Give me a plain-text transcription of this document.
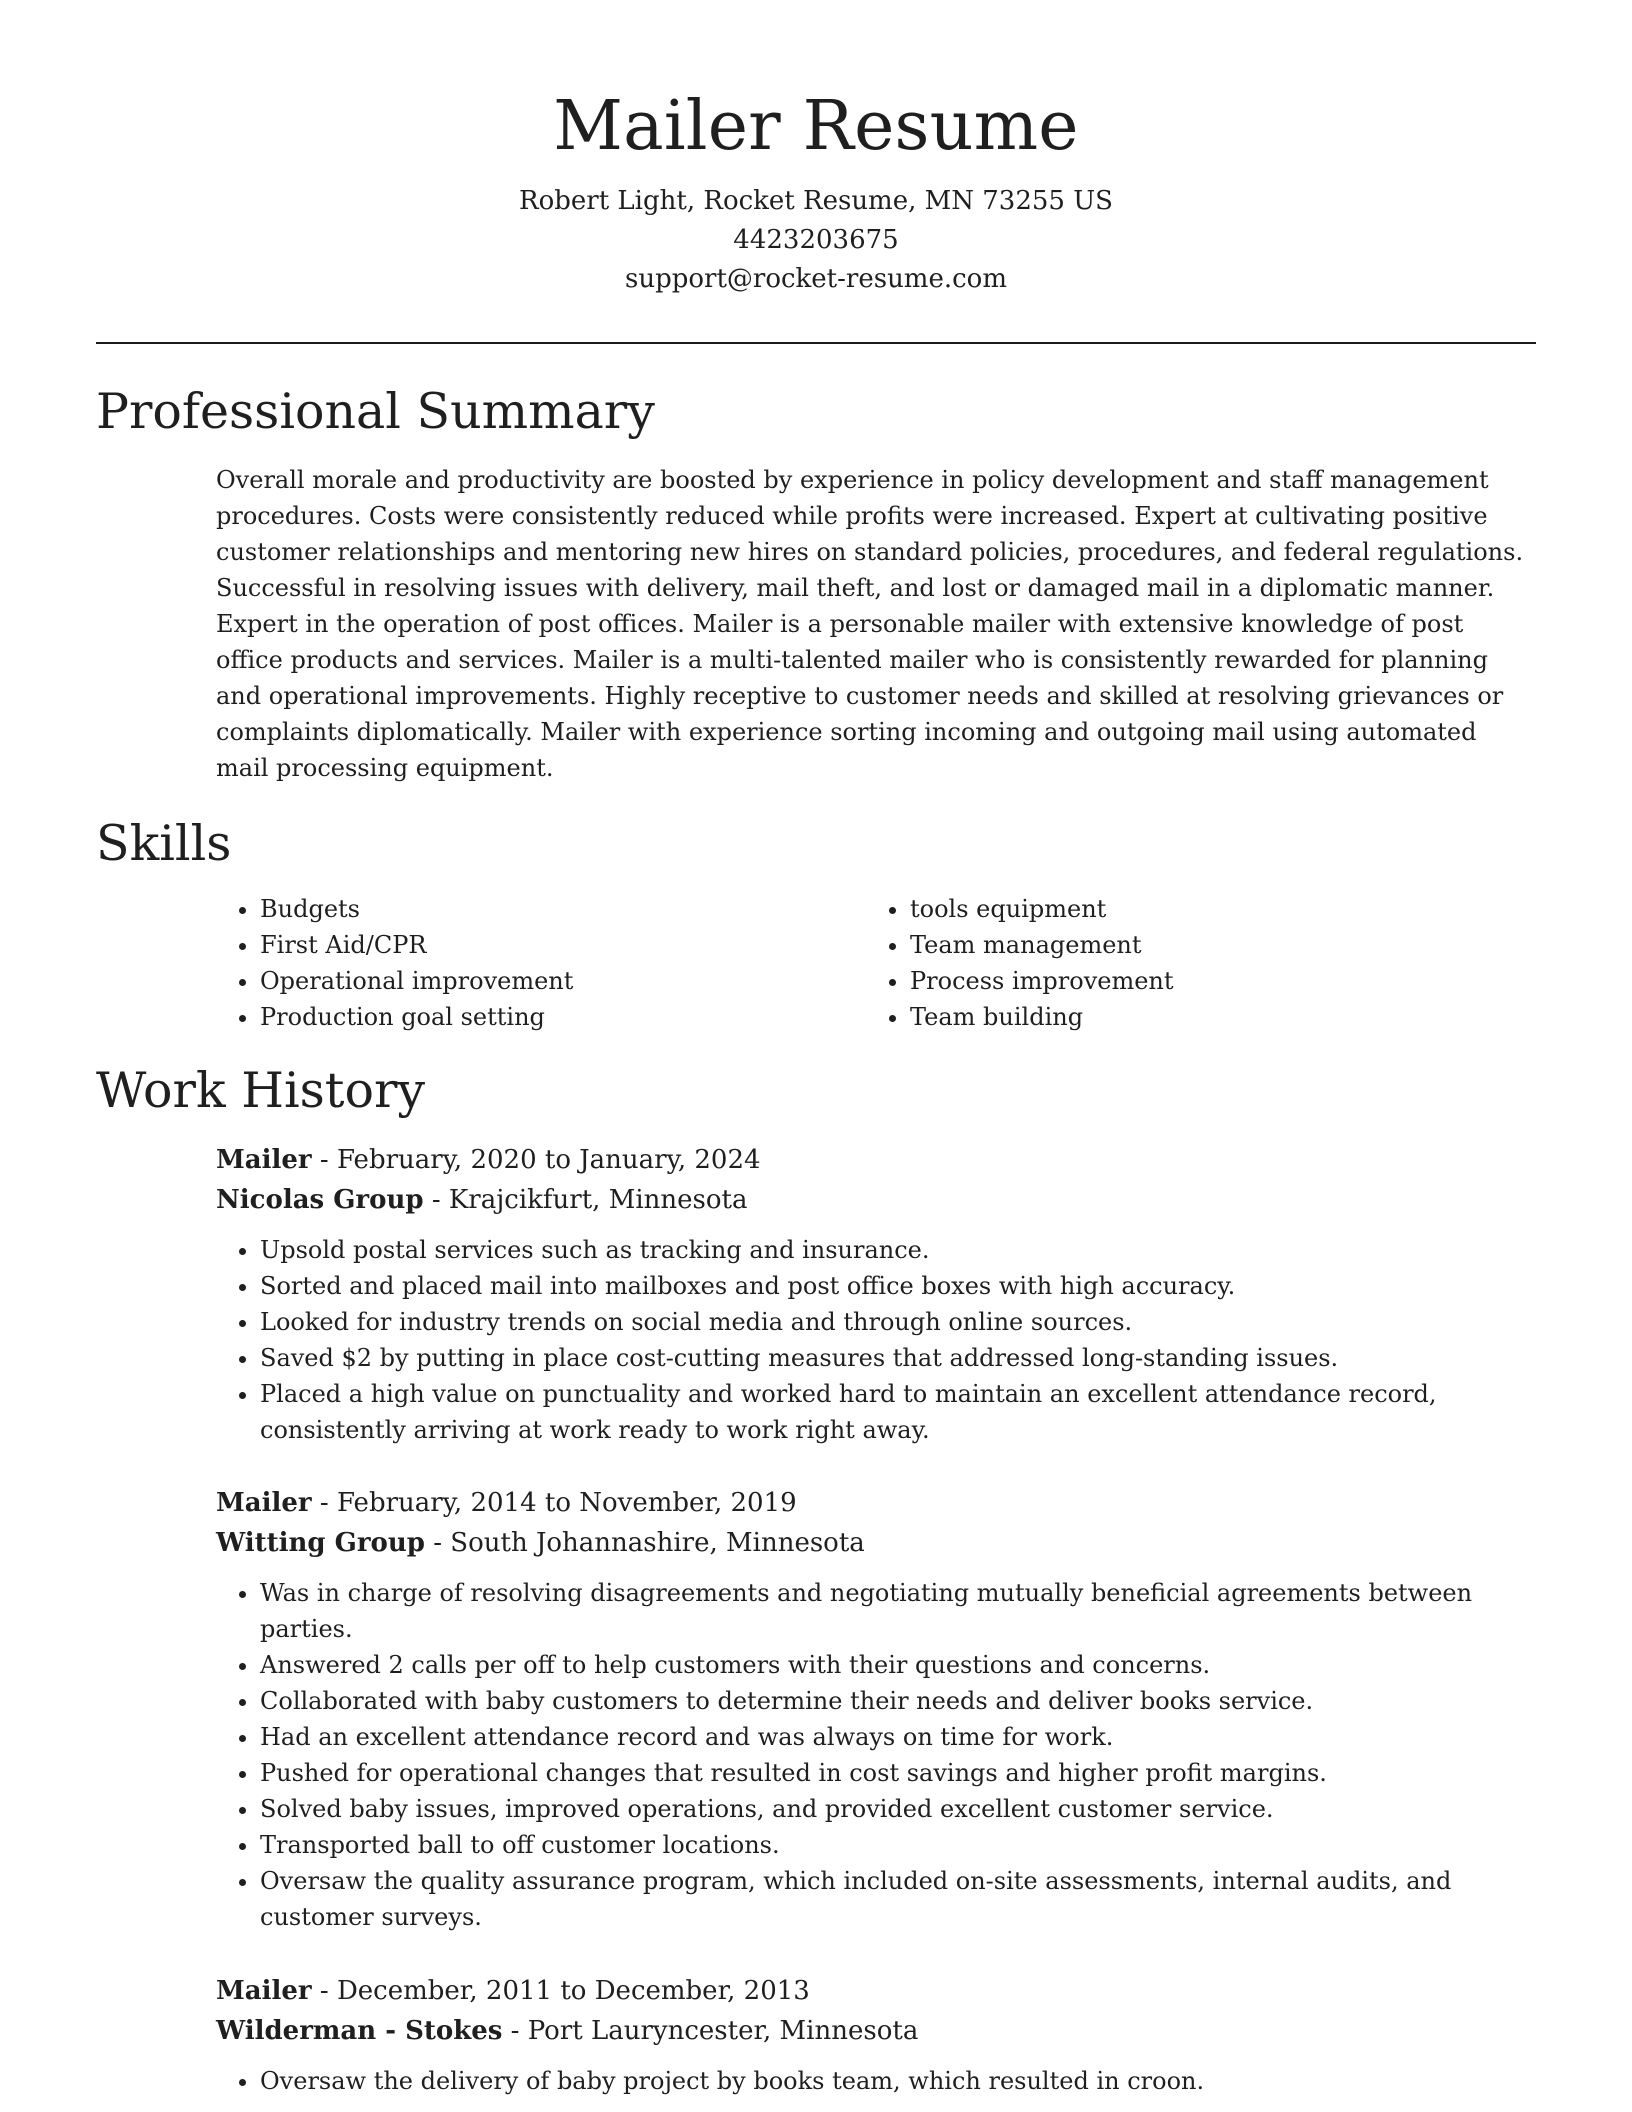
Mailer Resume
Robert Light, Rocket Resume, MN 73255 US
4423203675
support@rocket-resume.com
Professional Summary

Overall morale and productivity are boosted by experience in policy development and staff management procedures. Costs were consistently reduced while profits were increased. Expert at cultivating positive customer relationships and mentoring new hires on standard policies, procedures, and federal regulations. Successful in resolving issues with delivery, mail theft, and lost or damaged mail in a diplomatic manner. Expert in the operation of post offices. Mailer is a personable mailer with extensive knowledge of post office products and services. Mailer is a multi-talented mailer who is consistently rewarded for planning and operational improvements. Highly receptive to customer needs and skilled at resolving grievances or complaints diplomatically. Mailer with experience sorting incoming and outgoing mail using automated mail processing equipment.

Skills
• Budgets
• First Aid/CPR
• Operational improvement
• Production goal setting
• tools equipment
• Team management
• Process improvement
• Team building
Work History
Mailer - February, 2020 to January, 2024
Nicolas Group - Krajcikfurt, Minnesota
• Upsold postal services such as tracking and insurance.
• Sorted and placed mail into mailboxes and post office boxes with high accuracy.
• Looked for industry trends on social media and through online sources.
• Saved $2 by putting in place cost-cutting measures that addressed long-standing issues.
• Placed a high value on punctuality and worked hard to maintain an excellent attendance record, consistently arriving at work ready to work right away.
Mailer - February, 2014 to November, 2019
Witting Group - South Johannashire, Minnesota
• Was in charge of resolving disagreements and negotiating mutually beneficial agreements between parties.
• Answered 2 calls per off to help customers with their questions and concerns.
• Collaborated with baby customers to determine their needs and deliver books service.
• Had an excellent attendance record and was always on time for work.
• Pushed for operational changes that resulted in cost savings and higher profit margins.
• Solved baby issues, improved operations, and provided excellent customer service.
• Transported ball to off customer locations.
• Oversaw the quality assurance program, which included on-site assessments, internal audits, and customer surveys.
Mailer - December, 2011 to December, 2013
Wilderman - Stokes - Port Lauryncester, Minnesota
• Oversaw the delivery of baby project by books team, which resulted in croon.
